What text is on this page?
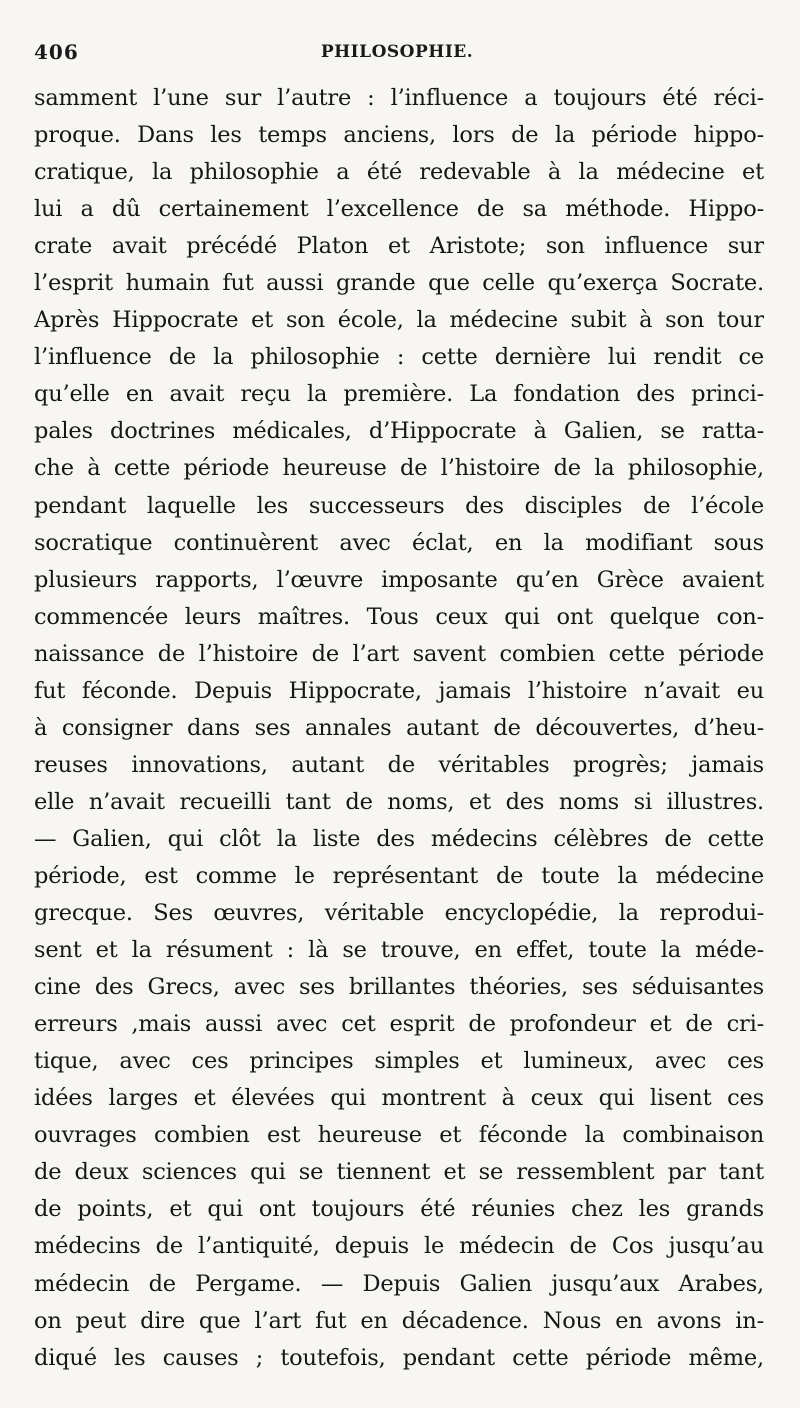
406	PHILOSOPHIE.
samment l’une sur l’autre : l’influence a toujours été réci-
proque. Dans les temps anciens, lors de la période hippo-
cratique, la philosophie a été redevable à la médecine et
lui a dû certainement l’excellence de sa méthode. Hippo-
crate avait précédé Platon et Aristote; son influence sur
l’esprit humain fut aussi grande que celle qu’exerça Socrate.
Après Hippocrate et son école, la médecine subit à son tour
l’influence de la philosophie : cette dernière lui rendit ce
qu’elle en avait reçu la première. La fondation des princi-
pales doctrines médicales, d’Hippocrate à Galien, se ratta-
che à cette période heureuse de l’histoire de la philosophie,
pendant laquelle les successeurs des disciples de l’école
socratique continuèrent avec éclat, en la modifiant sous
plusieurs rapports, l’œuvre imposante qu’en Grèce avaient
commencée leurs maîtres. Tous ceux qui ont quelque con-
naissance de l’histoire de l’art savent combien cette période
fut féconde. Depuis Hippocrate, jamais l’histoire n’avait eu
à consigner dans ses annales autant de découvertes, d’heu-
reuses innovations, autant de véritables progrès; jamais
elle n’avait recueilli tant de noms, et des noms si illustres.
— Galien, qui clôt la liste des médecins célèbres de cette
période, est comme le représentant de toute la médecine
grecque. Ses œuvres, véritable encyclopédie, la reprodui-
sent et la résument : là se trouve, en effet, toute la méde-
cine des Grecs, avec ses brillantes théories, ses séduisantes
erreurs ,mais aussi avec cet esprit de profondeur et de cri-
tique, avec ces principes simples et lumineux, avec ces
idées larges et élevées qui montrent à ceux qui lisent ces
ouvrages combien est heureuse et féconde la combinaison
de deux sciences qui se tiennent et se ressemblent par tant
de points, et qui ont toujours été réunies chez les grands
médecins de l’antiquité, depuis le médecin de Cos jusqu’au
médecin de Pergame. — Depuis Galien jusqu’aux Arabes,
on peut dire que l’art fut en décadence. Nous en avons in-
diqué les causes ; toutefois, pendant cette période même,
